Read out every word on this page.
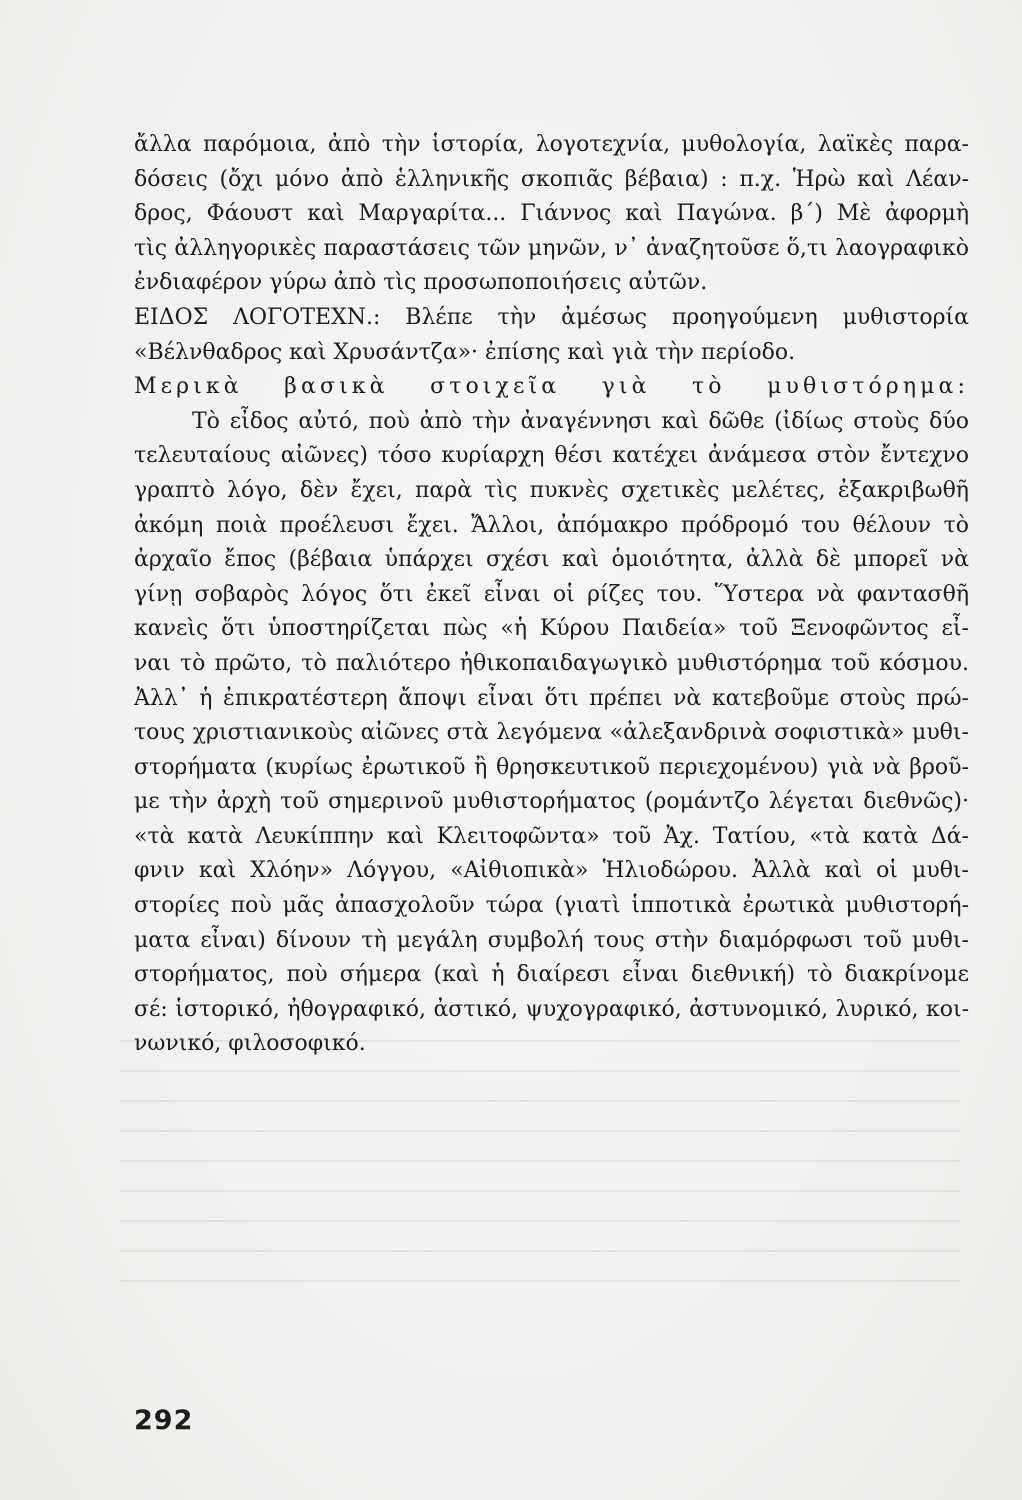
ἄλλα παρόμοια, ἀπὸ τὴν ἱστορία, λογοτεχνία, μυθολογία, λαϊκὲς παρα-
δόσεις (ὄχι μόνο ἀπὸ ἑλληνικῆς σκοπιᾶς βέβαια) : π.χ. Ἡρὼ καὶ Λέαν-
δρος, Φάουστ καὶ Μαργαρίτα... Γιάννος καὶ Παγώνα. β΄) Μὲ ἀφορμὴ
τὶς ἀλληγορικὲς παραστάσεις τῶν μηνῶν, ν᾽ ἀναζητοῦσε ὅ,τι λαογραφικὸ
ἐνδιαφέρον γύρω ἀπὸ τὶς προσωποποιήσεις αὐτῶν.
ΕΙΔΟΣ ΛΟΓΟΤΕΧΝ.: Βλέπε τὴν ἀμέσως προηγούμενη μυθιστορία
«Βέλνθαδρος καὶ Χρυσάντζα»· ἐπίσης καὶ γιὰ τὴν περίοδο.
Μερικὰ βασικὰ στοιχεῖα γιὰ τὸ μυθιστόρημα:
Τὸ εἶδος αὐτό, ποὺ ἀπὸ τὴν ἀναγέννησι καὶ δῶθε (ἰδίως στοὺς δύο
τελευταίους αἰῶνες) τόσο κυρίαρχη θέσι κατέχει ἀνάμεσα στὸν ἔντεχνο
γραπτὸ λόγο, δὲν ἔχει, παρὰ τὶς πυκνὲς σχετικὲς μελέτες, ἐξακριβωθῆ
ἀκόμη ποιὰ προέλευσι ἔχει. Ἄλλοι, ἀπόμακρο πρόδρομό του θέλουν τὸ
ἀρχαῖο ἔπος (βέβαια ὑπάρχει σχέσι καὶ ὁμοιότητα, ἀλλὰ δὲ μπορεῖ νὰ
γίνῃ σοβαρὸς λόγος ὅτι ἐκεῖ εἶναι οἱ ρίζες του. Ὕστερα νὰ φαντασθῆ
κανεὶς ὅτι ὑποστηρίζεται πὼς «ἡ Κύρου Παιδεία» τοῦ Ξενοφῶντος εἶ-
ναι τὸ πρῶτο, τὸ παλιότερο ἠθικοπαιδαγωγικὸ μυθιστόρημα τοῦ κόσμου.
Ἀλλ᾽ ἡ ἐπικρατέστερη ἄποψι εἶναι ὅτι πρέπει νὰ κατεβοῦμε στοὺς πρώ-
τους χριστιανικοὺς αἰῶνες στὰ λεγόμενα «ἀλεξανδρινὰ σοφιστικὰ» μυθι-
στορήματα (κυρίως ἐρωτικοῦ ἢ θρησκευτικοῦ περιεχομένου) γιὰ νὰ βροῦ-
με τὴν ἀρχὴ τοῦ σημερινοῦ μυθιστορήματος (ρομάντζο λέγεται διεθνῶς)·
«τὰ κατὰ Λευκίππην καὶ Κλειτοφῶντα» τοῦ Ἀχ. Τατίου, «τὰ κατὰ Δά-
φνιν καὶ Χλόην» Λόγγου, «Αἰθιοπικὰ» Ἡλιοδώρου. Ἀλλὰ καὶ οἱ μυθι-
στορίες ποὺ μᾶς ἀπασχολοῦν τώρα (γιατὶ ἱπποτικὰ ἐρωτικὰ μυθιστορή-
ματα εἶναι) δίνουν τὴ μεγάλη συμβολή τους στὴν διαμόρφωσι τοῦ μυθι-
στορήματος, ποὺ σήμερα (καὶ ἡ διαίρεσι εἶναι διεθνική) τὸ διακρίνομε
σέ: ἱστορικό, ἠθογραφικό, ἀστικό, ψυχογραφικό, ἀστυνομικό, λυρικό, κοι-
νωνικό, φιλοσοφικό.
292
